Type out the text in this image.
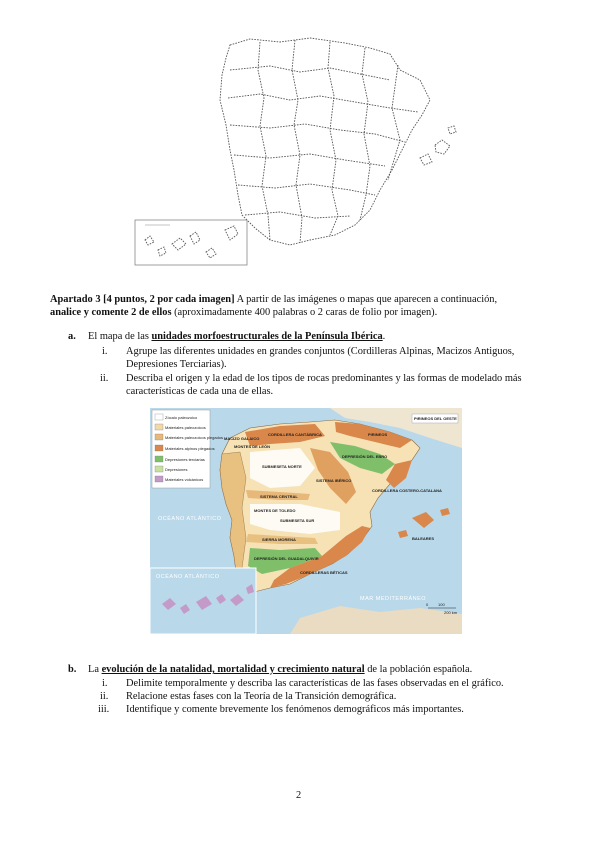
Apartado 3 [4 puntos, 2 por cada imagen] A partir de las imágenes o mapas que aparecen a continuación,
analice y comente 2 de ellos (aproximadamente 400 palabras o 2 caras de folio por imagen).
a. El mapa de las unidades morfoestructurales de la Península Ibérica.
i. Agrupe las diferentes unidades en grandes conjuntos (Cordilleras Alpinas, Macizos Antiguos,
Depresiones Terciarias).
ii. Describa el origen y la edad de los tipos de rocas predominantes y las formas de modelado más
características de cada una de ellas.
Zócalo paleozoico
Materiales paleozoicos
Materiales paleozoicos plegados
Materiales alpinos plegados
Depresiones terciarias
Depresiones
Materiales volcánicos
PIRINEOS DEL OESTE
CORDILLERA CANTÁBRICA
MONTES DE LEÓN
MACIZO GALAICO
DEPRESIÓN DEL EBRO
PIRINEOS
SISTEMA IBÉRICO
CORDILLERA COSTERO-CATALANA
SUBMESETA NORTE
SISTEMA CENTRAL
MONTES DE TOLEDO
SUBMESETA SUR
SIERRA MORENA
DEPRESIÓN DEL GUADALQUIVIR
CORDILLERAS BÉTICAS
BALEARES
OCÉANO ATLÁNTICO
MAR MEDITERRÁNEO
OCÉANO ATLÁNTICO
0 100
200 km
b. La evolución de la natalidad, mortalidad y crecimiento natural de la población española.
i. Delimite temporalmente y describa las características de las fases observadas en el gráfico.
ii. Relacione estas fases con la Teoría de la Transición demográfica.
iii. Identifique y comente brevemente los fenómenos demográficos más importantes.
2
